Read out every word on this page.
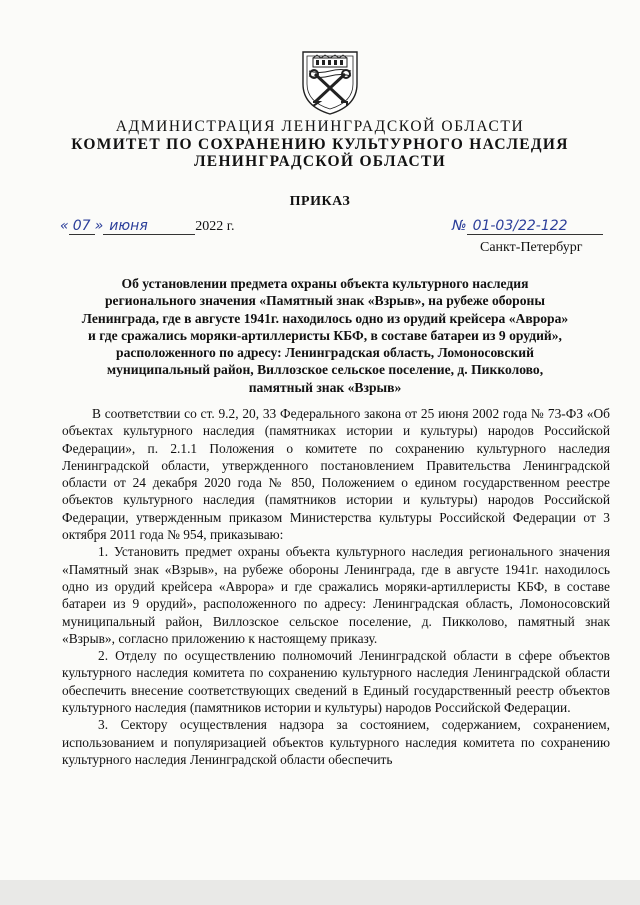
АДМИНИСТРАЦИЯ ЛЕНИНГРАДСКОЙ ОБЛАСТИ
КОМИТЕТ ПО СОХРАНЕНИЮ КУЛЬТУРНОГО НАСЛЕДИЯ
ЛЕНИНГРАДСКОЙ ОБЛАСТИ
ПРИКАЗ
« 07 » июня	2022 г.	№ 01-03/22-122
Санкт-Петербург
Об установлении предмета охраны объекта культурного наследия регионального значения «Памятный знак «Взрыв», на рубеже обороны Ленинграда, где в августе 1941г. находилось одно из орудий крейсера «Аврора» и где сражались моряки-артиллеристы КБФ, в составе батареи из 9 орудий», расположенного по адресу: Ленинградская область, Ломоносовский муниципальный район, Виллозское сельское поселение, д. Пикколово, памятный знак «Взрыв»

В соответствии со ст. 9.2, 20, 33 Федерального закона от 25 июня 2002 года № 73-ФЗ «Об объектах культурного наследия (памятниках истории и культуры) народов Российской Федерации», п. 2.1.1 Положения о комитете по сохранению культурного наследия Ленинградской области, утвержденного постановлением Правительства Ленинградской области от 24 декабря 2020 года № 850, Положением о едином государственном реестре объектов культурного наследия (памятников истории и культуры) народов Российской Федерации, утвержденным приказом Министерства культуры Российской Федерации от 3 октября 2011 года № 954, приказываю:

1. Установить предмет охраны объекта культурного наследия регионального значения «Памятный знак «Взрыв», на рубеже обороны Ленинграда, где в августе 1941г. находилось одно из орудий крейсера «Аврора» и где сражались моряки-артиллеристы КБФ, в составе батареи из 9 орудий», расположенного по адресу: Ленинградская область, Ломоносовский муниципальный район, Виллозское сельское поселение, д. Пикколово, памятный знак «Взрыв», согласно приложению к настоящему приказу.

2. Отделу по осуществлению полномочий Ленинградской области в сфере объектов культурного наследия комитета по сохранению культурного наследия Ленинградской области обеспечить внесение соответствующих сведений в Единый государственный реестр объектов культурного наследия (памятников истории и культуры) народов Российской Федерации.

3. Сектору осуществления надзора за состоянием, содержанием, сохранением, использованием и популяризацией объектов культурного наследия комитета по сохранению культурного наследия Ленинградской области обеспечить
